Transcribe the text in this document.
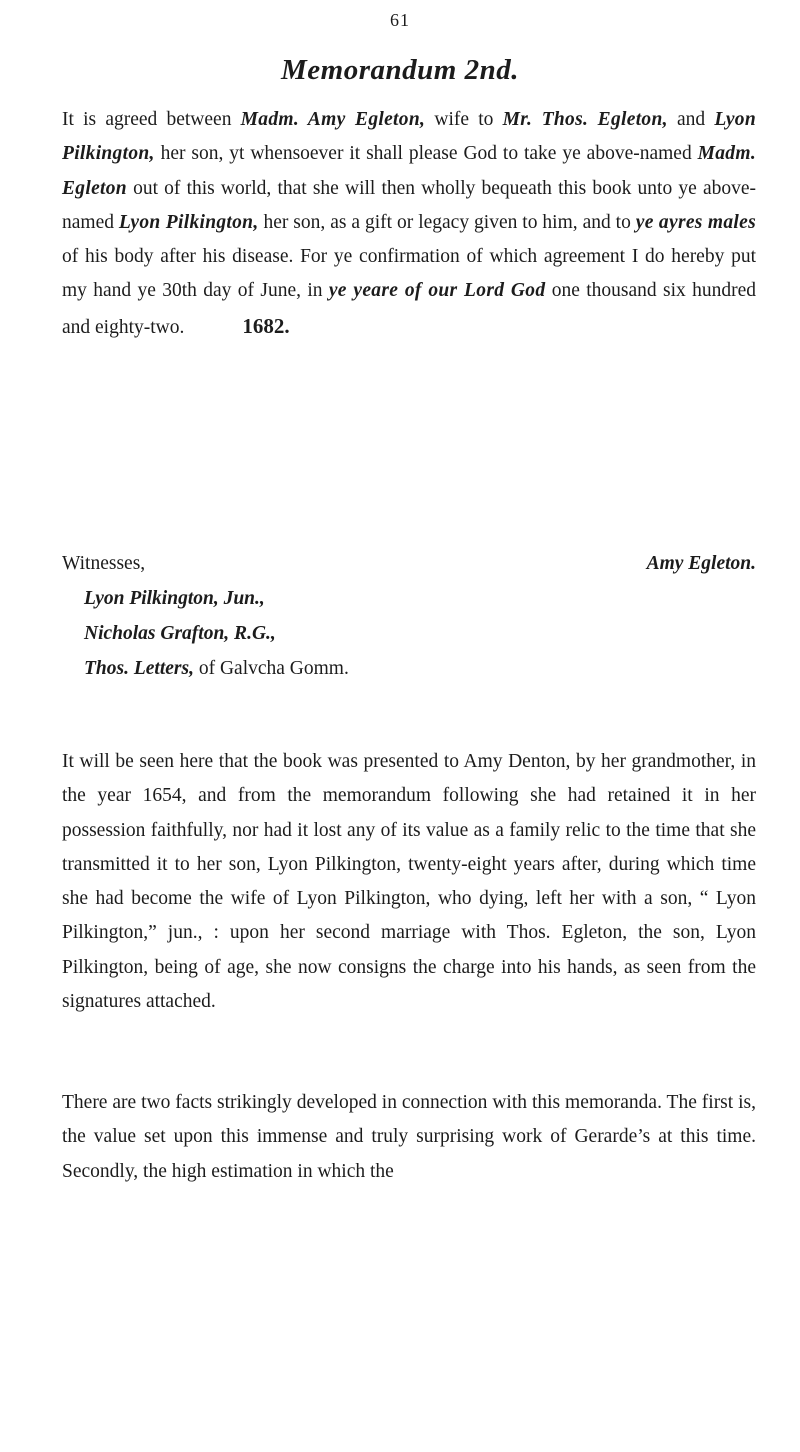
61
Memorandum 2nd.

It is agreed between Madm. Amy Egleton, wife to Mr. Thos. Egleton, and Lyon Pilkington, her son, yt whensoever it shall please God to take ye above-named Madm. Egleton out of this world, that she will then wholly bequeath this book unto ye above-named Lyon Pilkington, her son, as a gift or legacy given to him, and to ye ayres males of his body after his disease. For ye confirmation of which agreement I do hereby put my hand ye 30th day of June, in ye yeare of our Lord God one thousand six hundred and eighty-two.	1682.

Witnesses,	Amy Egleton.
Lyon Pilkington, Jun.,
Nicholas Grafton, R.G.,
Thos. Letters, of Galvcha Gomm.

It will be seen here that the book was presented to Amy Denton, by her grandmother, in the year 1654, and from the memorandum following she had retained it in her possession faithfully, nor had it lost any of its value as a family relic to the time that she transmitted it to her son, Lyon Pilkington, twenty-eight years after, during which time she had become the wife of Lyon Pilkington, who dying, left her with a son, “ Lyon Pilkington,” jun., : upon her second marriage with Thos. Egleton, the son, Lyon Pilkington, being of age, she now consigns the charge into his hands, as seen from the signatures attached.

There are two facts strikingly developed in connection with this memoranda. The first is, the value set upon this immense and truly surprising work of Gerarde’s at this time. Secondly, the high estimation in which the
